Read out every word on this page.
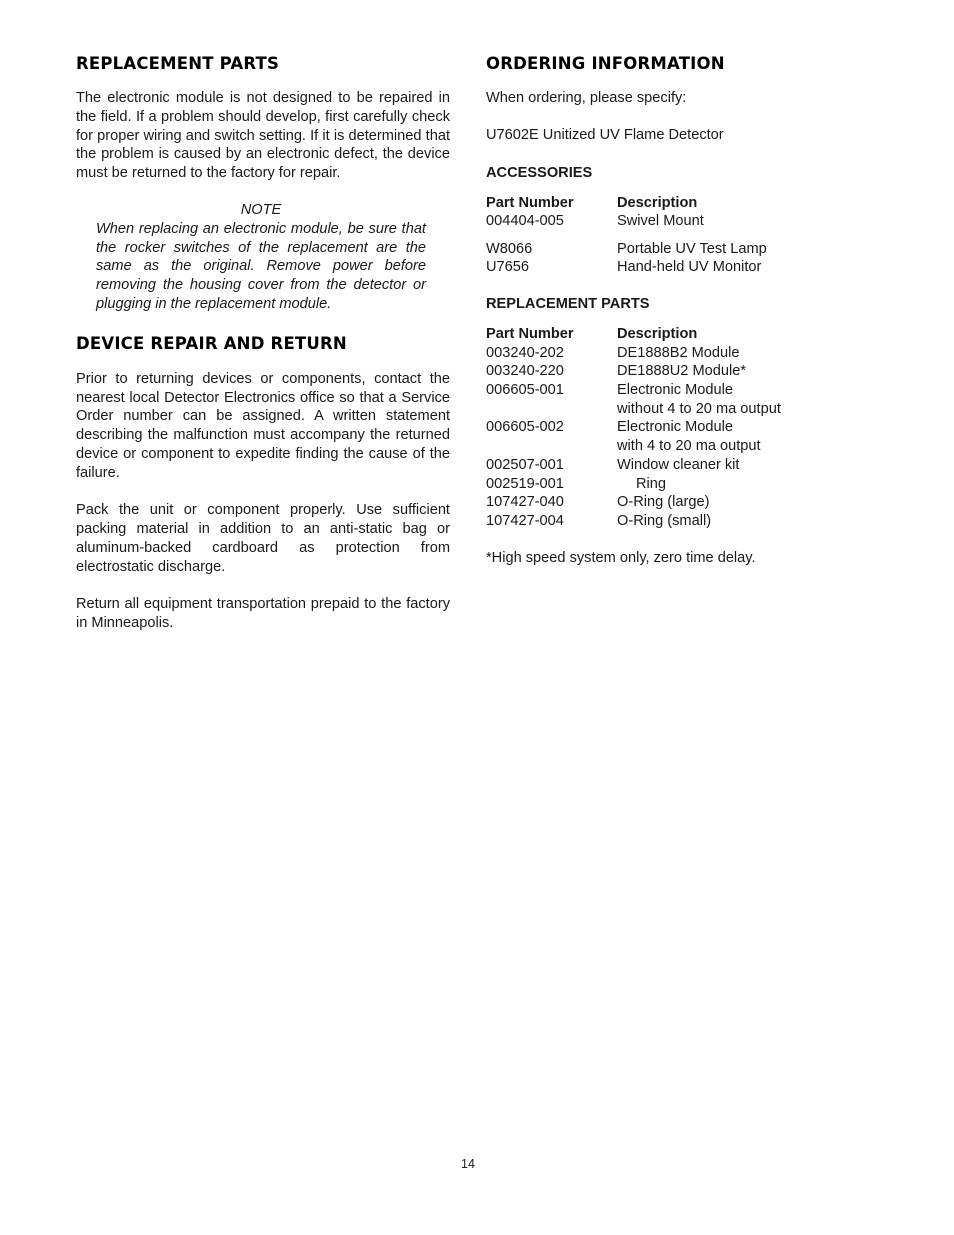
REPLACEMENT PARTS

The electronic module is not designed to be repaired in the field. If a problem should develop, first carefully check for proper wiring and switch setting. If it is determined that the problem is caused by an electronic defect, the device must be returned to the factory for repair.

NOTE
When replacing an electronic module, be sure that the rocker switches of the replacement are the same as the original. Remove power before removing the housing cover from the detector or plugging in the replacement module.
DEVICE REPAIR AND RETURN

Prior to returning devices or components, contact the nearest local Detector Electronics office so that a Service Order number can be assigned. A written statement describing the malfunction must accompany the returned device or component to expedite finding the cause of the failure.

Pack the unit or component properly. Use sufficient packing material in addition to an anti-static bag or aluminum-backed cardboard as protection from electrostatic discharge.

Return all equipment transportation prepaid to the factory in Minneapolis.

ORDERING INFORMATION
When ordering, please specify:
U7602E Unitized UV Flame Detector
ACCESSORIES
Part Number	Description
004404-005	Swivel Mount

W8066	Portable UV Test Lamp
U7656	Hand-held UV Monitor
REPLACEMENT PARTS
Part Number	Description
003240-202	DE1888B2 Module
003240-220	DE1888U2 Module*
006605-001	Electronic Module
without 4 to 20 ma output

006605-002	Electronic Module
with 4 to 20 ma output

002507-001	Window cleaner kit
002519-001	Ring
107427-040	O-Ring (large)
107427-004	O-Ring (small)
*High speed system only, zero time delay.
14
